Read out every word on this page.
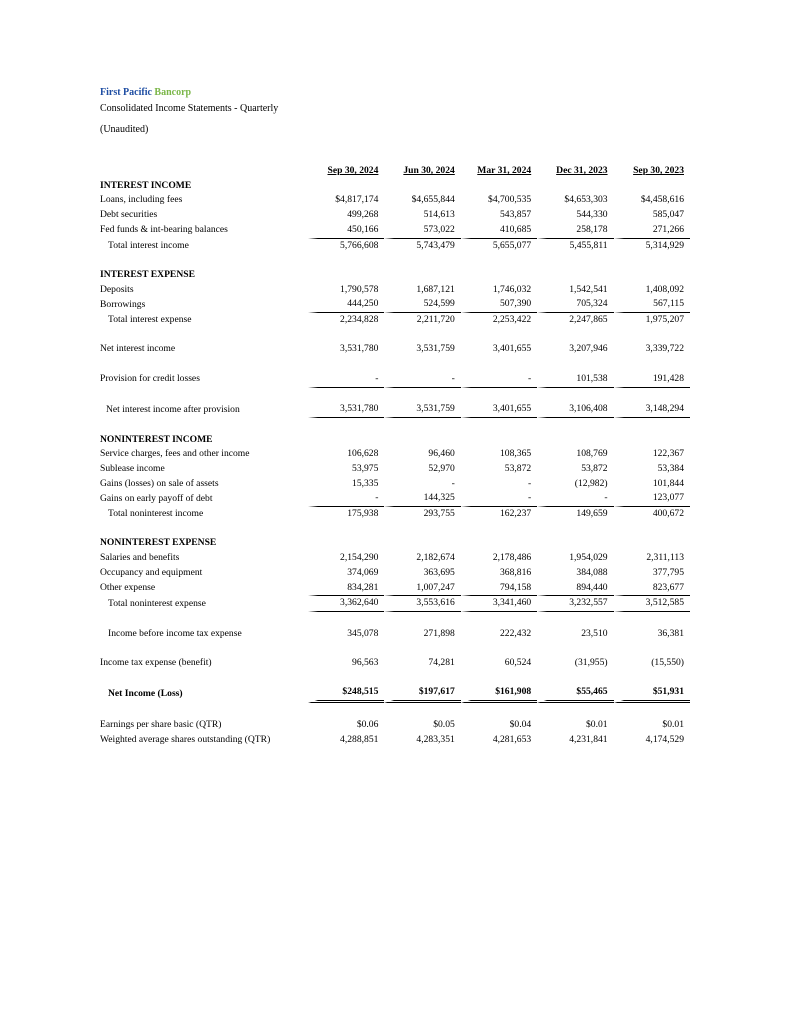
First Pacific Bancorp
Consolidated Income Statements - Quarterly
(Unaudited)
	Sep 30, 2024	Jun 30, 2024	Mar 31, 2024	Dec 31, 2023	Sep 30, 2023
INTEREST INCOME					
Loans, including fees	$4,817,174	$4,655,844	$4,700,535	$4,653,303	$4,458,616
Debt securities	499,268	514,613	543,857	544,330	585,047
Fed funds & int-bearing balances	450,166	573,022	410,685	258,178	271,266
Total interest income	5,766,608	5,743,479	5,655,077	5,455,811	5,314,929

INTEREST EXPENSE					
Deposits	1,790,578	1,687,121	1,746,032	1,542,541	1,408,092
Borrowings	444,250	524,599	507,390	705,324	567,115
Total interest expense	2,234,828	2,211,720	2,253,422	2,247,865	1,975,207

Net interest income	3,531,780	3,531,759	3,401,655	3,207,946	3,339,722

Provision for credit losses	-	-	-	101,538	191,428

Net interest income after provision	3,531,780	3,531,759	3,401,655	3,106,408	3,148,294

NONINTEREST INCOME					
Service charges, fees and other income	106,628	96,460	108,365	108,769	122,367
Sublease income	53,975	52,970	53,872	53,872	53,384
Gains (losses) on sale of assets	15,335	-	-	(12,982)	101,844
Gains on early payoff of debt	-	144,325	-	-	123,077
Total noninterest income	175,938	293,755	162,237	149,659	400,672

NONINTEREST EXPENSE					
Salaries and benefits	2,154,290	2,182,674	2,178,486	1,954,029	2,311,113
Occupancy and equipment	374,069	363,695	368,816	384,088	377,795
Other expense	834,281	1,007,247	794,158	894,440	823,677
Total noninterest expense	3,362,640	3,553,616	3,341,460	3,232,557	3,512,585

Income before income tax expense	345,078	271,898	222,432	23,510	36,381

Income tax expense (benefit)	96,563	74,281	60,524	(31,955)	(15,550)

Net Income (Loss)	$248,515	$197,617	$161,908	$55,465	$51,931

Earnings per share basic (QTR)	$0.06	$0.05	$0.04	$0.01	$0.01
Weighted average shares outstanding (QTR)	4,288,851	4,283,351	4,281,653	4,231,841	4,174,529
